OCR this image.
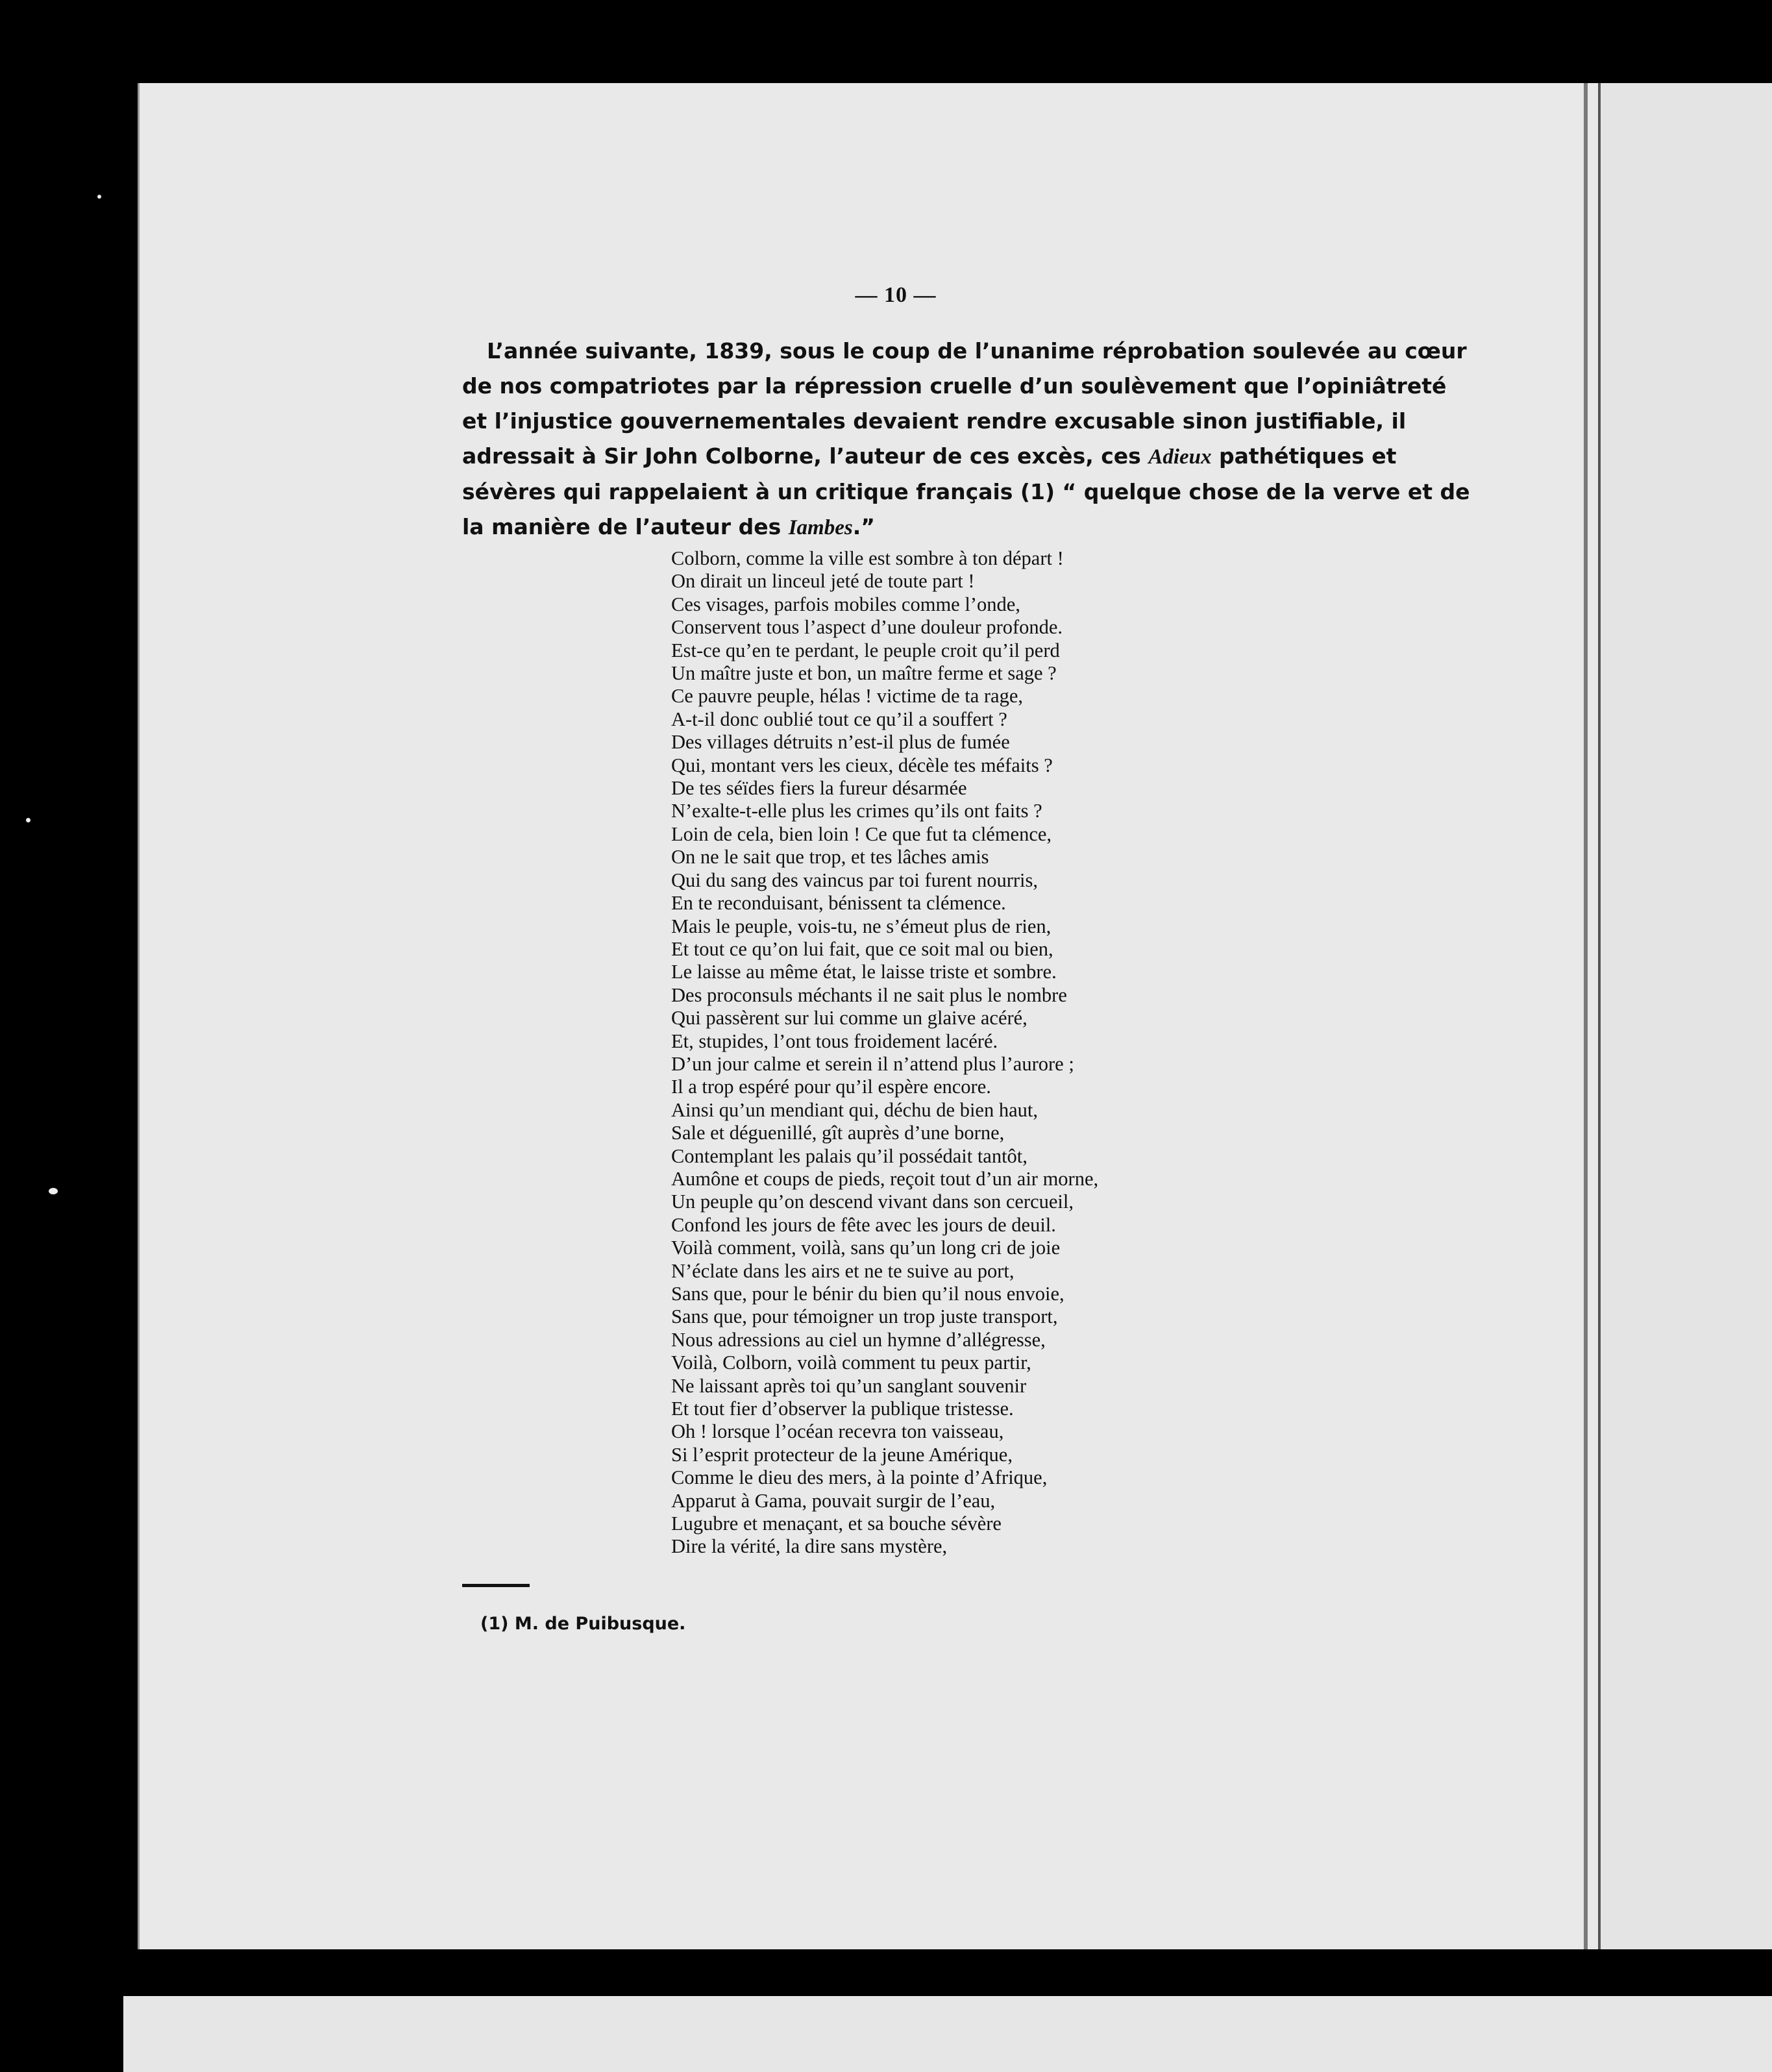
— 10 —
L’année suivante, 1839, sous le coup de l’unanime réprobation soulevée au cœur
de nos compatriotes par la répression cruelle d’un soulèvement que l’opiniâtreté
et l’injustice gouvernementales devaient rendre excusable sinon justifiable, il
adressait à Sir John Colborne, l’auteur de ces excès, ces Adieux pathétiques et
sévères qui rappelaient à un critique français (1) “ quelque chose de la verve et de
la manière de l’auteur des Iambes.”
Colborn, comme la ville est sombre à ton départ !
On dirait un linceul jeté de toute part !
Ces visages, parfois mobiles comme l’onde,
Conservent tous l’aspect d’une douleur profonde.
Est-ce qu’en te perdant, le peuple croit qu’il perd
Un maître juste et bon, un maître ferme et sage ?
Ce pauvre peuple, hélas ! victime de ta rage,
A-t-il donc oublié tout ce qu’il a souffert ?
Des villages détruits n’est-il plus de fumée
Qui, montant vers les cieux, décèle tes méfaits ?
De tes séïdes fiers la fureur désarmée
N’exalte-t-elle plus les crimes qu’ils ont faits ?
Loin de cela, bien loin ! Ce que fut ta clémence,
On ne le sait que trop, et tes lâches amis
Qui du sang des vaincus par toi furent nourris,
En te reconduisant, bénissent ta clémence.
Mais le peuple, vois-tu, ne s’émeut plus de rien,
Et tout ce qu’on lui fait, que ce soit mal ou bien,
Le laisse au même état, le laisse triste et sombre.
Des proconsuls méchants il ne sait plus le nombre
Qui passèrent sur lui comme un glaive acéré,
Et, stupides, l’ont tous froidement lacéré.
D’un jour calme et serein il n’attend plus l’aurore ;
Il a trop espéré pour qu’il espère encore.
Ainsi qu’un mendiant qui, déchu de bien haut,
Sale et déguenillé, gît auprès d’une borne,
Contemplant les palais qu’il possédait tantôt,
Aumône et coups de pieds, reçoit tout d’un air morne,
Un peuple qu’on descend vivant dans son cercueil,
Confond les jours de fête avec les jours de deuil.
Voilà comment, voilà, sans qu’un long cri de joie
N’éclate dans les airs et ne te suive au port,
Sans que, pour le bénir du bien qu’il nous envoie,
Sans que, pour témoigner un trop juste transport,
Nous adressions au ciel un hymne d’allégresse,
Voilà, Colborn, voilà comment tu peux partir,
Ne laissant après toi qu’un sanglant souvenir
Et tout fier d’observer la publique tristesse.
Oh ! lorsque l’océan recevra ton vaisseau,
Si l’esprit protecteur de la jeune Amérique,
Comme le dieu des mers, à la pointe d’Afrique,
Apparut à Gama, pouvait surgir de l’eau,
Lugubre et menaçant, et sa bouche sévère
Dire la vérité, la dire sans mystère,
(1) M. de Puibusque.
